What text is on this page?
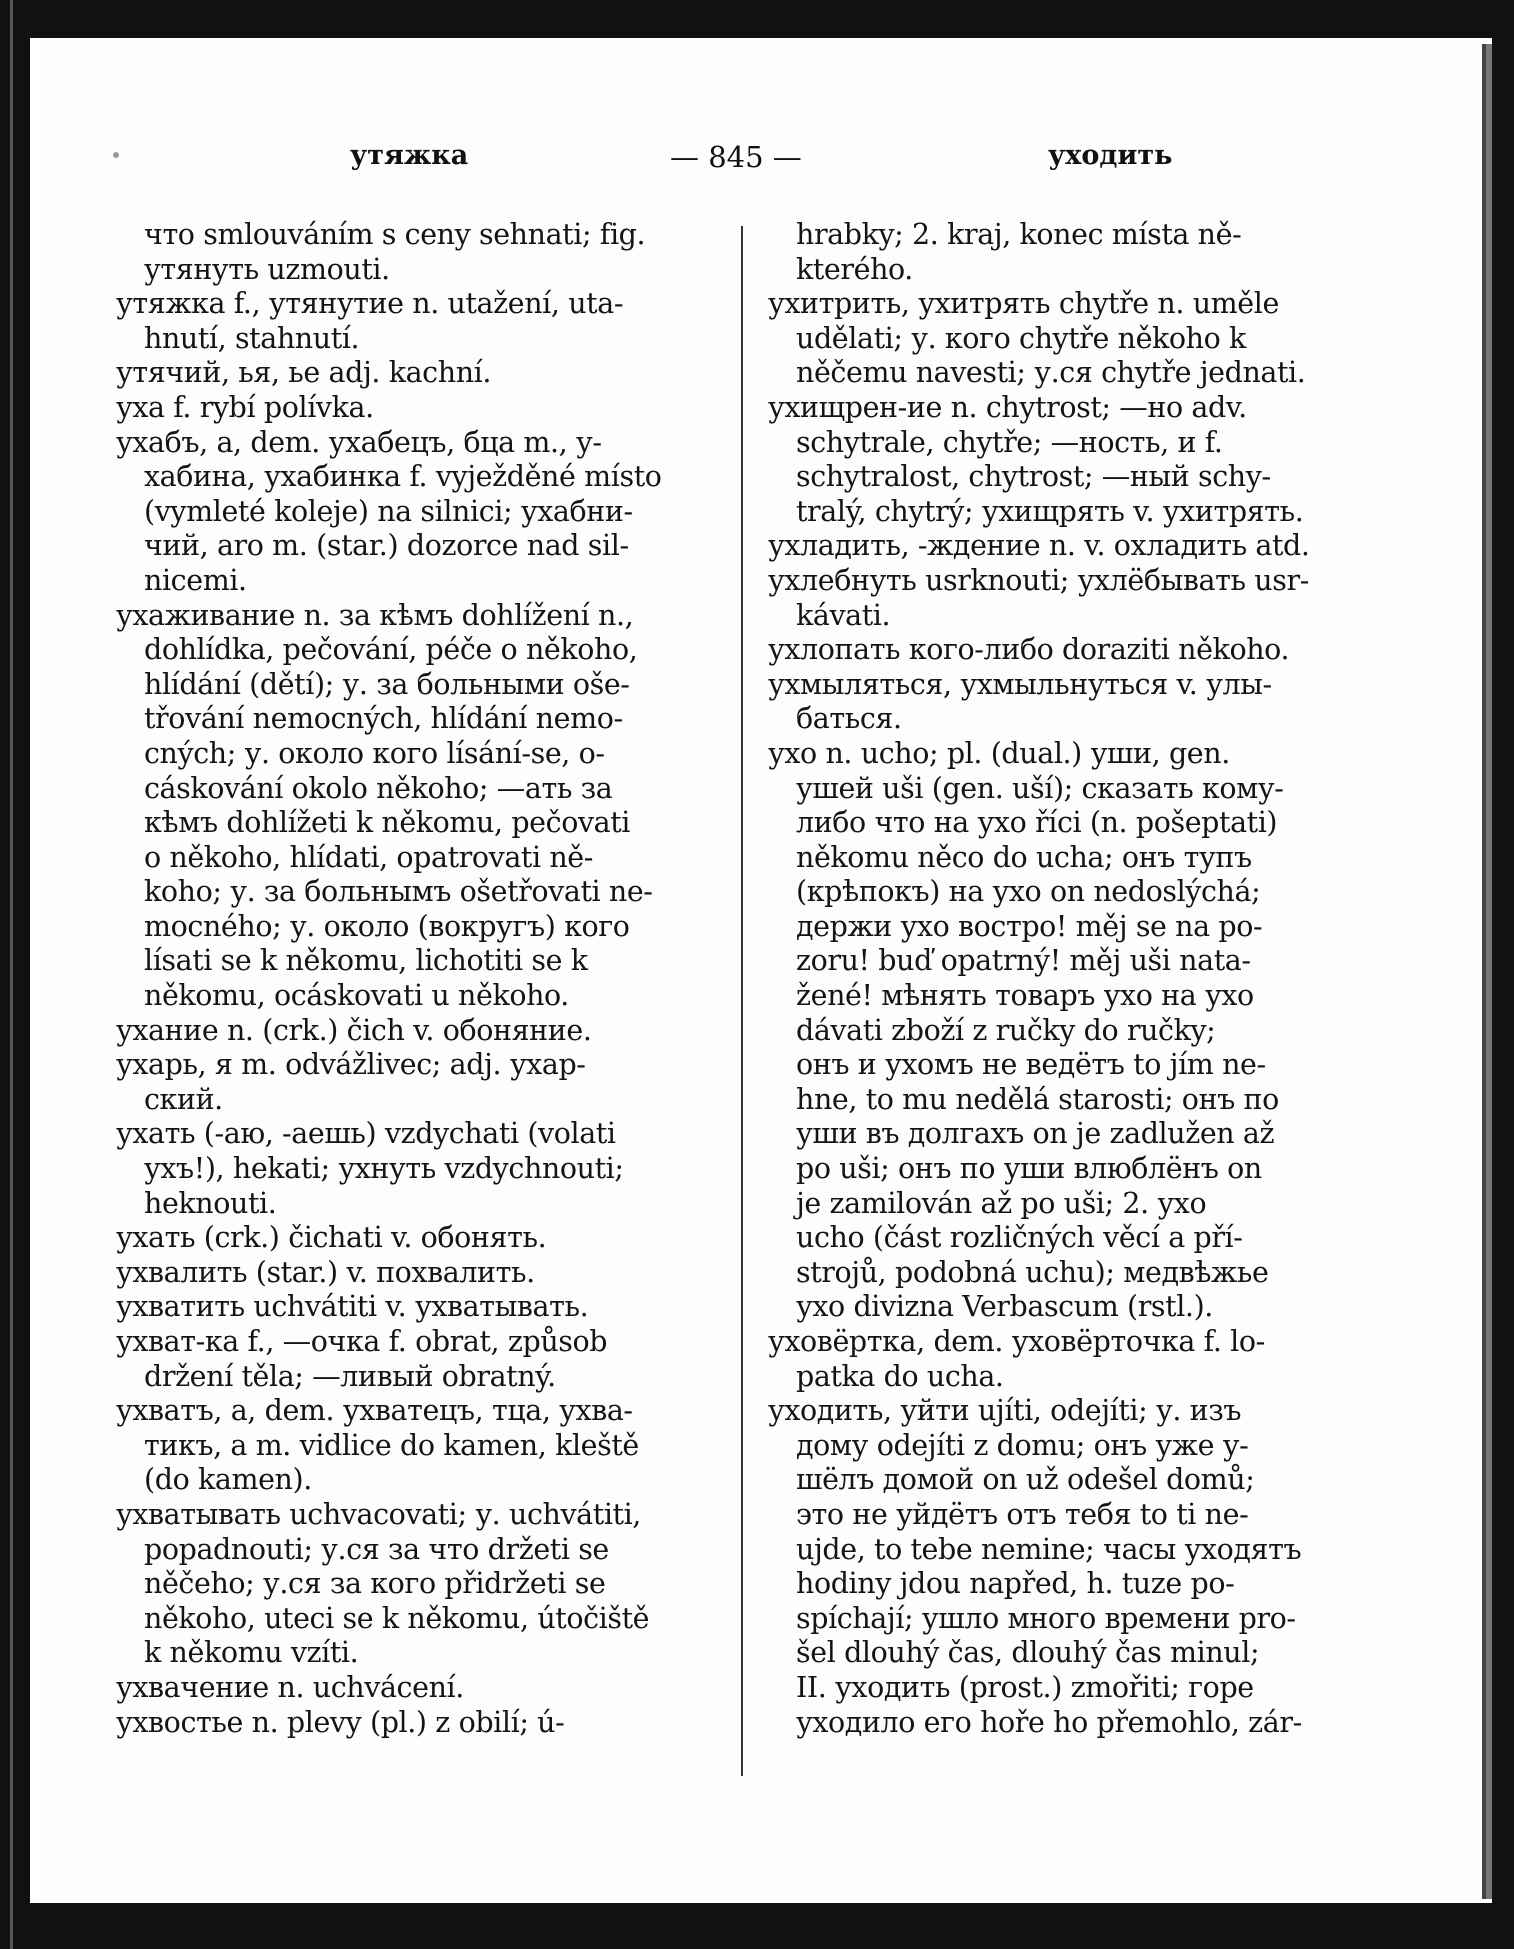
утяжка	— 845 —	уходить
что smlouváním s ceny sehnati; fig.
утянуть uzmouti.
утяжка f., утянутие n. utažení, uta-
hnutí, stahnutí.
утячий, ья, ье adj. kachní.
уха f. rybí polívka.
ухабъ, а, dem. ухабецъ, бца m., у-
хабина, ухабинка f. vyježděné místo
(vymleté koleje) na silnici; ухабни-
чий, aro m. (star.) dozorce nad sil-
nicemi.
ухаживание n. за кѣмъ dohlížení n.,
dohlídka, pečování, péče o někoho,
hlídání (dětí); у. за больными oše-
třování nemocných, hlídání nemo-
cných; у. около кого lísání-se, o-
cáskování okolo někoho; —ать за
кѣмъ dohlížeti k někomu, pečovati
o někoho, hlídati, opatrovati ně-
koho; у. за больнымъ ošetřovati ne-
mocného; у. около (вокругъ) кого
lísati se k někomu, lichotiti se k
někomu, ocáskovati u někoho.
ухание n. (crk.) čich v. обоняние.
ухарь, я m. odvážlivec; adj. ухар-
ский.
ухать (-аю, -аешь) vzdychati (volati
ухъ!), hekati; ухнуть vzdychnouti;
heknouti.
ухать (crk.) čichati v. обонять.
ухвалить (star.) v. похвалить.
ухватить uchvátiti v. ухватывать.
ухват-ка f., —очка f. obrat, způsob
držení těla; —ливый obratný.
ухватъ, а, dem. ухватецъ, тца, ухва-
тикъ, а m. vidlice do kamen, kleště
(do kamen).
ухватывать uchvacovati; у. uchvátiti,
popadnouti; у.ся за что držeti se
něčeho; у.ся за кого přidržeti se
někoho, uteci se k někomu, útočiště
k někomu vzíti.
ухвачение n. uchvácení.
ухвостье n. plevy (pl.) z obilí; ú-
hrabky; 2. kraj, konec místa ně-
kterého.
ухитрить, ухитрять chytře n. uměle
udělati; у. кого chytře někoho k
něčemu navesti; у.ся chytře jednati.
ухищрен-ие n. chytrost; —но adv.
schytrale, chytře; —ность, и f.
schytralost, chytrost; —ный schy-
tralý, chytrý; ухищрять v. ухитрять.
ухладить, -ждение n. v. охладить atd.
ухлебнуть usrknouti; ухлёбывать usr-
kávati.
ухлопать кого-либо doraziti někoho.
ухмыляться, ухмыльнуться v. улы-
баться.
ухо n. ucho; pl. (dual.) уши, gen.
ушей uši (gen. uší); сказать кому-
либо что на ухо říci (n. pošeptati)
někomu něco do ucha; онъ тупъ
(крѣпокъ) на ухо on nedoslýchá;
держи ухо востро! měj se na po-
zoru! buď opatrný! měj uši nata-
žené! мѣнять товаръ ухо на ухо
dávati zboží z ručky do ručky;
онъ и ухомъ не ведётъ to jím ne-
hne, to mu nedělá starosti; онъ по
уши въ долгахъ on je zadlužen až
po uši; онъ по уши влюблёнъ on
je zamilován až po uši; 2. ухо
ucho (část rozličných věcí a pří-
strojů, podobná uchu); медвѣжье
ухо divizna Verbascum (rstl.).
уховёртка, dem. уховёрточка f. lo-
patka do ucha.
уходить, уйти ujíti, odejíti; у. изъ
дому odejíti z domu; онъ уже у-
шёлъ домой on už odešel domů;
это не уйдётъ отъ тебя to ti ne-
ujde, to tebe nemine; часы уходятъ
hodiny jdou napřed, h. tuze po-
spíchají; ушло много времени pro-
šel dlouhý čas, dlouhý čas minul;
II. уходить (prost.) zmořiti; горе
уходило его hoře ho přemohlo, zár-
